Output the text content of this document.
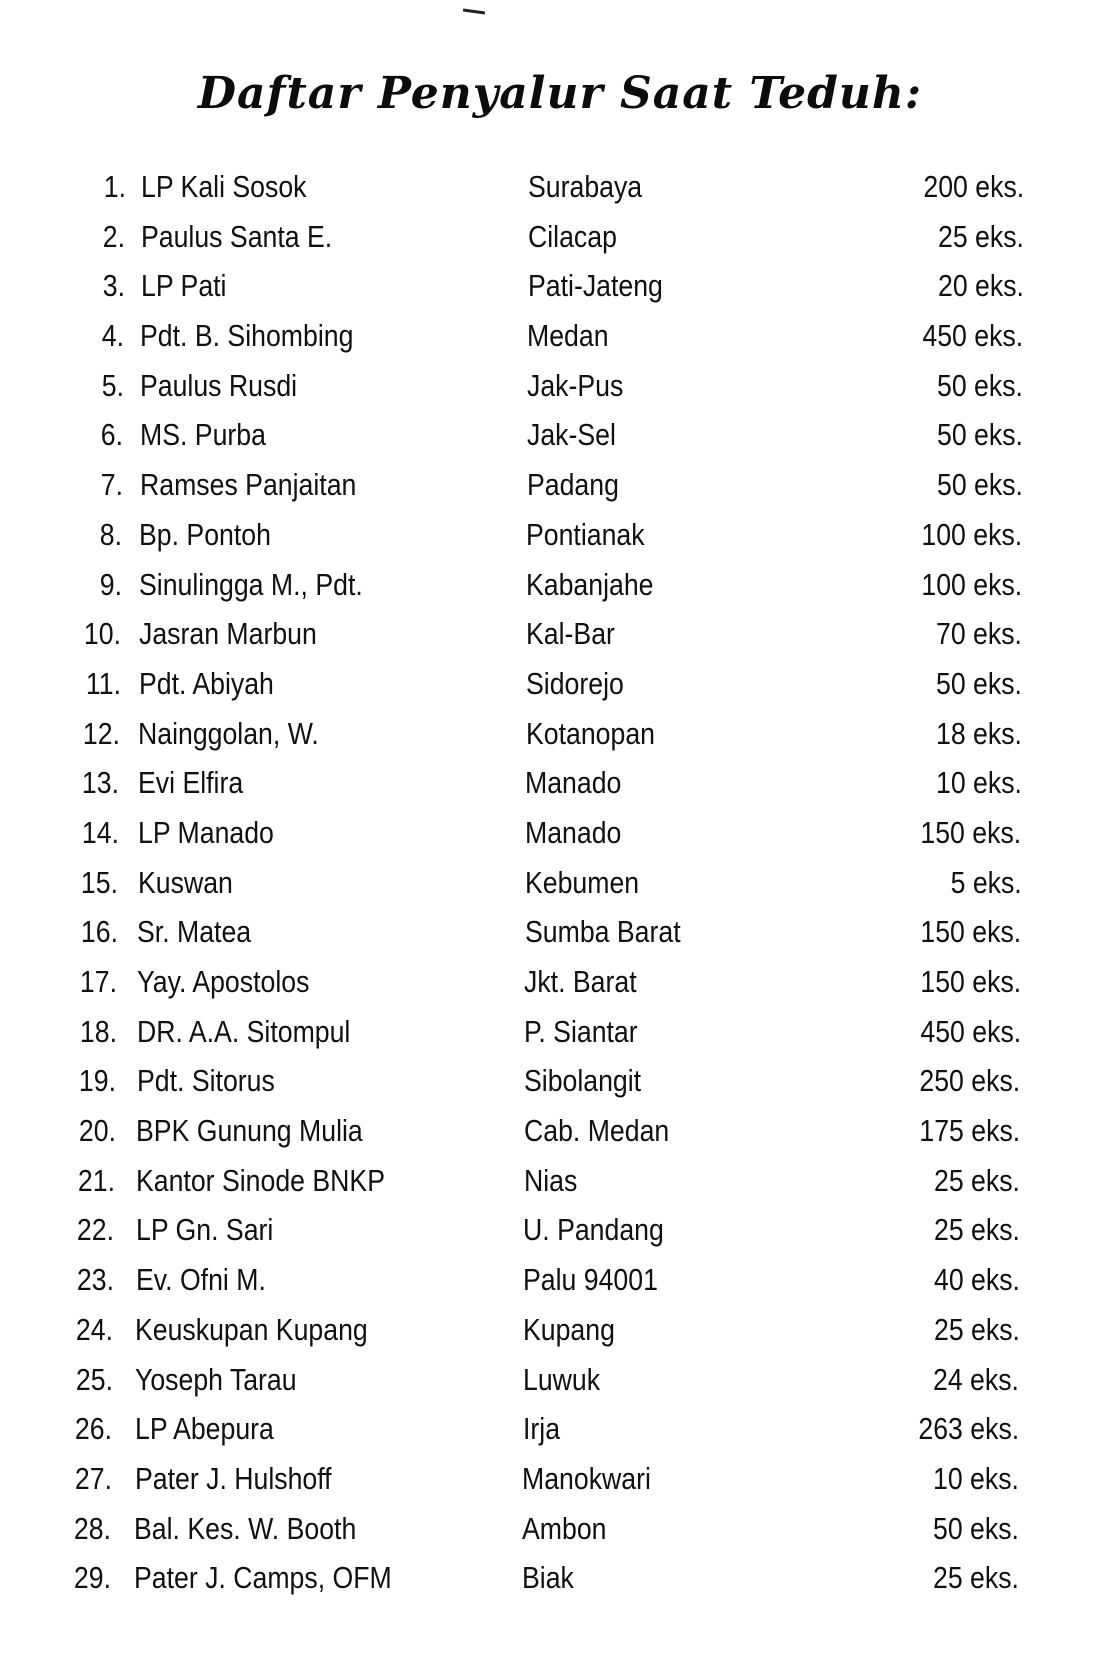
Daftar Penyalur Saat Teduh:
1. LP Kali Sosok	Surabaya	200 eks.
2. Paulus Santa E.	Cilacap	25 eks.
3. LP Pati	Pati-Jateng	20 eks.
4. Pdt. B. Sihombing	Medan	450 eks.
5. Paulus Rusdi	Jak-Pus	50 eks.
6. MS. Purba	Jak-Sel	50 eks.
7. Ramses Panjaitan	Padang	50 eks.
8. Bp. Pontoh	Pontianak	100 eks.
9. Sinulingga M., Pdt.	Kabanjahe	100 eks.
10. Jasran Marbun	Kal-Bar	70 eks.
11. Pdt. Abiyah	Sidorejo	50 eks.
12. Nainggolan, W.	Kotanopan	18 eks.
13. Evi Elfira	Manado	10 eks.
14. LP Manado	Manado	150 eks.
15. Kuswan	Kebumen	5 eks.
16. Sr. Matea	Sumba Barat	150 eks.
17. Yay. Apostolos	Jkt. Barat	150 eks.
18. DR. A.A. Sitompul	P. Siantar	450 eks.
19. Pdt. Sitorus	Sibolangit	250 eks.
20. BPK Gunung Mulia	Cab. Medan	175 eks.
21. Kantor Sinode BNKP	Nias	25 eks.
22. LP Gn. Sari	U. Pandang	25 eks.
23. Ev. Ofni M.	Palu 94001	40 eks.
24. Keuskupan Kupang	Kupang	25 eks.
25. Yoseph Tarau	Luwuk	24 eks.
26. LP Abepura	Irja	263 eks.
27. Pater J. Hulshoff	Manokwari	10 eks.
28. Bal. Kes. W. Booth	Ambon	50 eks.
29. Pater J. Camps, OFM	Biak	25 eks.
